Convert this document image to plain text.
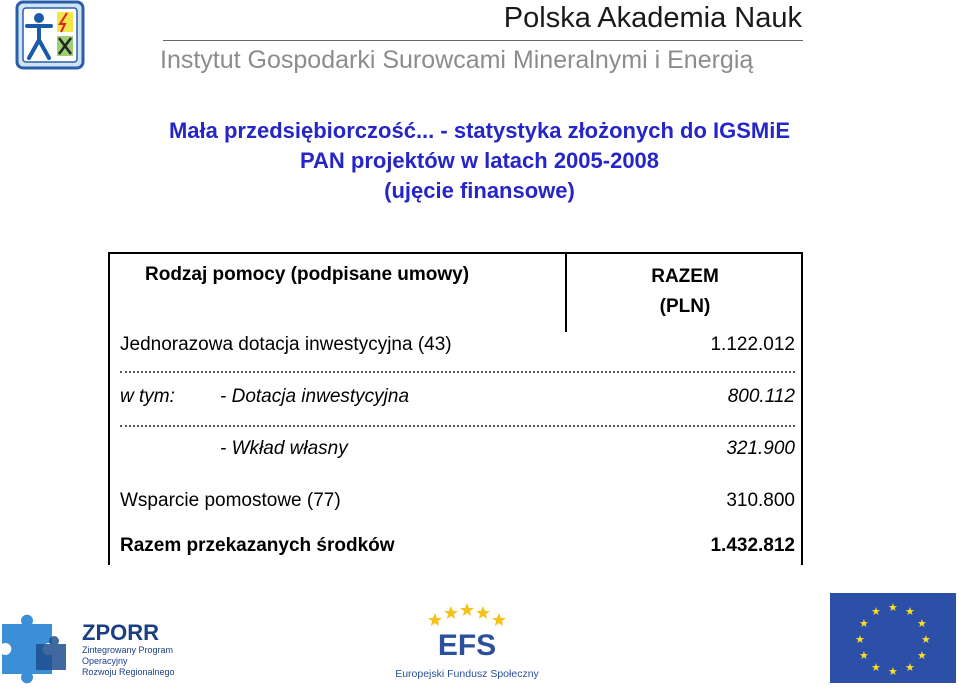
Polska Akademia Nauk
Instytut Gospodarki Surowcami Mineralnymi i Energią
Mała przedsiębiorczość... - statystyka złożonych do IGSMiE
PAN projektów w latach 2005-2008
(ujęcie finansowe)
Rodzaj pomocy (podpisane umowy)	RAZEM
(PLN)
Jednorazowa dotacja inwestycyjna (43)	1.122.012
w tym: - Dotacja inwestycyjna	800.112
- Wkład własny	321.900
Wsparcie pomostowe (77)	310.800
Razem przekazanych środków	1.432.812
ZPORR
Zintegrowany Program
Operacyjny
Rozwoju Regionalnego
EFS
Europejski Fundusz Społeczny
★ ★
★
★
★
★
★
★
★
★
★
★
